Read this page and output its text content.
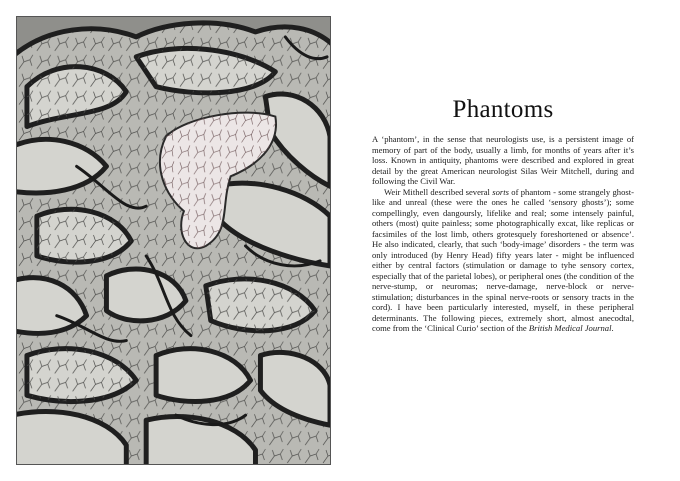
Phantoms

A ‘phantom’, in the sense that neurologists use, is a persistent image of memory of part of the body, usually a limb, for months of years after it’s loss. Known in antiquity, phantoms were described and explored in great detail by the great American neurologist Silas Weir Mitchell, during and following the Civil War.

Weir Mithell described several sorts of phantom - some strangely ghost-like and unreal (these were the ones he called ‘sensory ghosts’); some compellingly, even dangoursly, lifelike and real; some intensely painful, others (most) quite painless; some photographically excat, like replicas or facsimiles of the lost limb, others grotesquely foreshortened or absence’. He also indicated, clearly, that such ‘body-image’ disorders - the term was only introduced (by Henry Head) fifty years later - might be influenced either by central factors (stimulation or damage to tyhe sensory cortex, especially that of the parietal lobes), or peripheral ones (the condition of the nerve-stump, or neuromas; nerve-damage, nerve-block or nerve-stimulation; disturbances in the spinal nerve-roots or sensory tracts in the cord). I have been particularly interested, myself, in these peripheral determinants. The following pieces, extremely short, almost anecodtal, come from the ‘Clinical Curio’ section of the British Medical Journal.
